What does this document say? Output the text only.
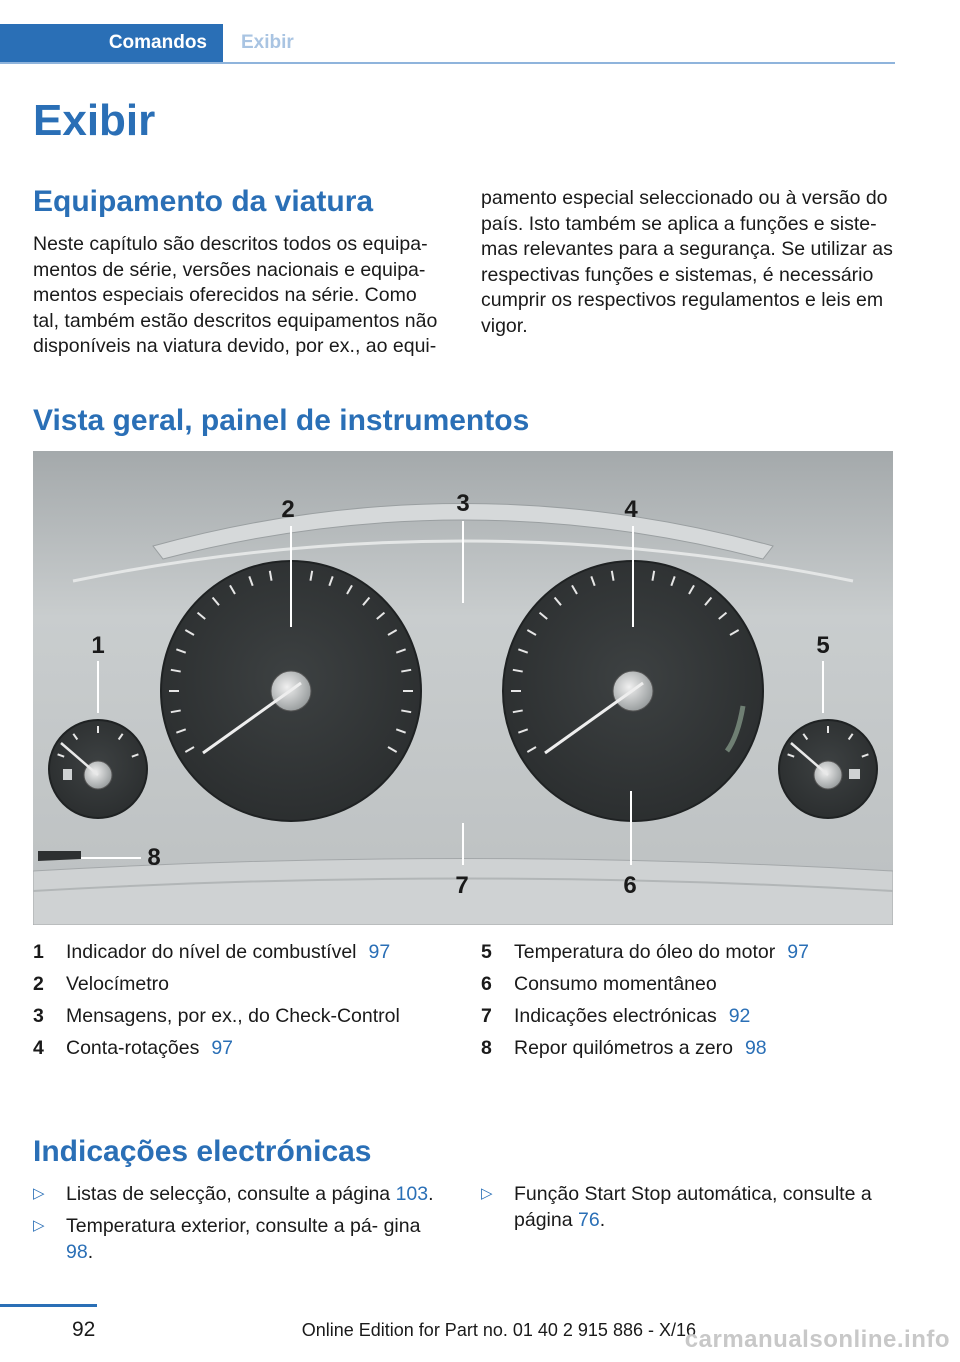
Comandos	Exibir
Exibir
Equipamento da viatura
Neste capítulo são descritos todos os equipa-
mentos de série, versões nacionais e equipa-
mentos especiais oferecidos na série. Como
tal, também estão descritos equipamentos não
disponíveis na viatura devido, por ex., ao equi-
pamento especial seleccionado ou à versão do
país. Isto também se aplica a funções e siste-
mas relevantes para a segurança. Se utilizar as
respectivas funções e sistemas, é necessário
cumprir os respectivos regulamentos e leis em
vigor.
Vista geral, painel de instrumentos
1
2	3	4
5
6
7
8
1 Indicador do nível de combustível 97
2 Velocímetro
3 Mensagens, por ex., do Check-Control
4 Conta-rotações 97
5 Temperatura do óleo do motor 97
6 Consumo momentâneo
7 Indicações electrónicas 92
8 Repor quilómetros a zero 98
Indicações electrónicas
▷ Listas de selecção, consulte a página 103.
▷ Temperatura exterior, consulte a pá- gina 98.
▷ Função Start Stop automática, consulte a página 76.
92	Online Edition for Part no. 01 40 2 915 886 - X/16
carmanualsonline.info
